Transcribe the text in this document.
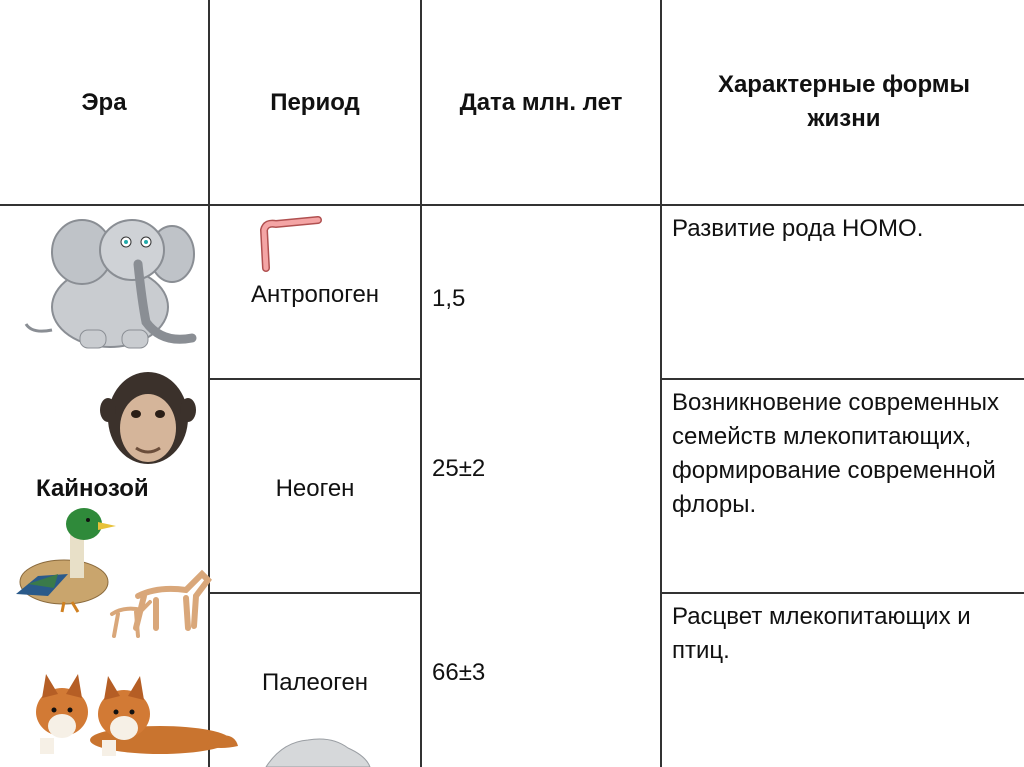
Эра	Период	Дата млн. лет
Характерные формы жизни
Кайнозой
Антропоген
Неоген
Палеоген
1,5
25±2
66±3
Развитие рода НОМО.
Возникновение современных семейств млекопитающих, формирование современной флоры.
Расцвет млекопитающих и птиц.
